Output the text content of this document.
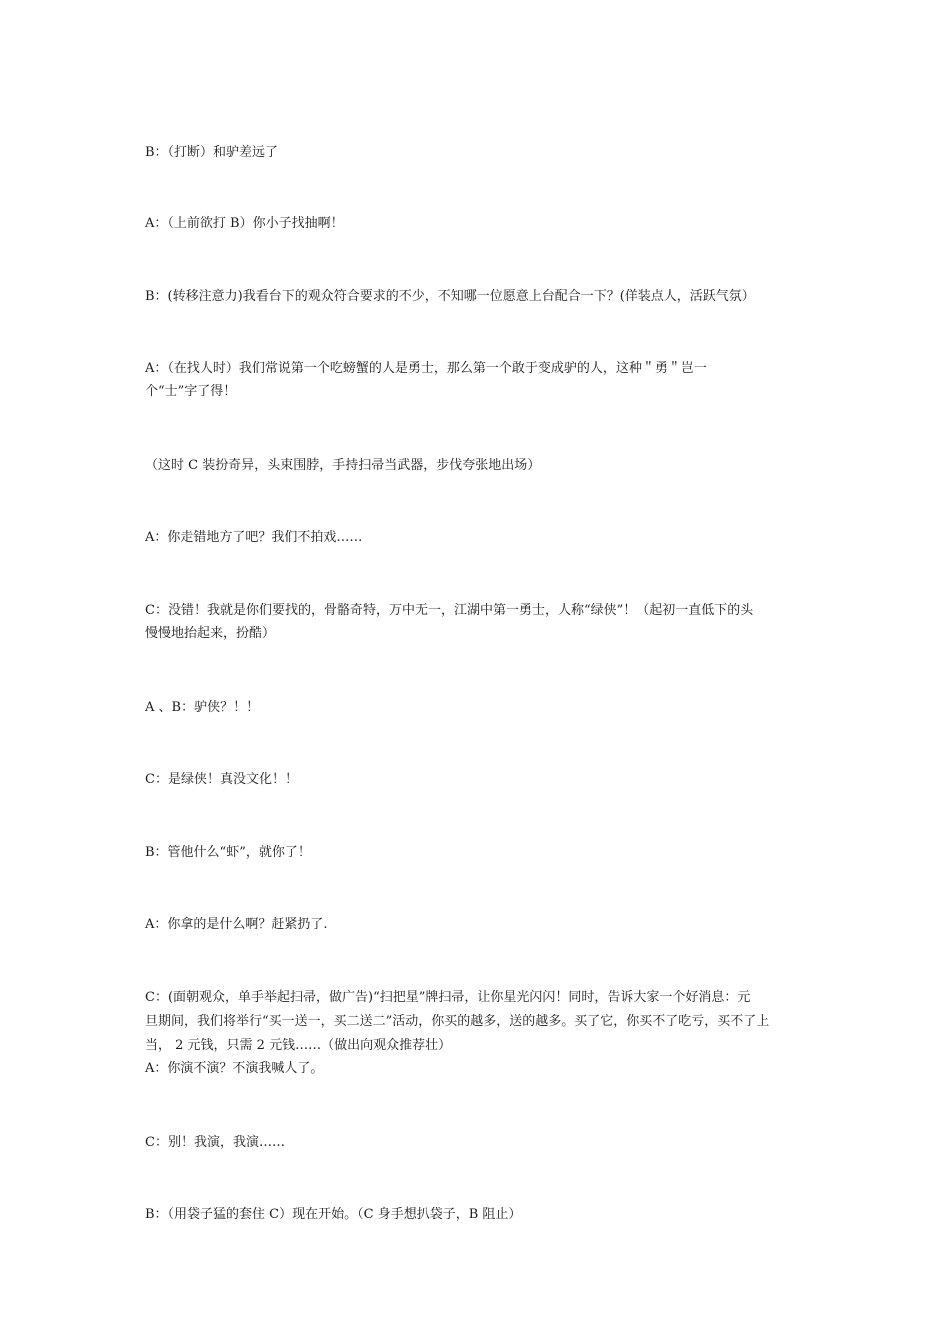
B：（打断）和驴差远了
A：（上前欲打 B）你小子找抽啊！
B：(转移注意力)我看台下的观众符合要求的不少，不知哪一位愿意上台配合一下？(佯装点人，活跃气氛）
A：（在找人时）我们常说第一个吃螃蟹的人是勇士，那么第一个敢于变成驴的人，这种＂勇＂岂一
个“士”字了得！
（这时 C 装扮奇异，头束围脖，手持扫帚当武器，步伐夸张地出场）
A：你走错地方了吧？我们不拍戏……
C：没错！我就是你们要找的，骨骼奇特，万中无一，江湖中第一勇士，人称“绿侠”！（起初一直低下的头
慢慢地抬起来，扮酷）
A 、B：驴侠？！！
C：是绿侠！真没文化！！
B：管他什么“虾”，就你了！
A：你拿的是什么啊？赶紧扔了.
C：(面朝观众，单手举起扫帚，做广告)“扫把星”牌扫帚，让你星光闪闪！同时，告诉大家一个好消息：元
旦期间，我们将举行“买一送一，买二送二”活动，你买的越多，送的越多。买了它，你买不了吃亏，买不了上
当， 2 元钱，只需 2 元钱……（做出向观众推荐壮）
A：你演不演？不演我喊人了。
C：别！我演，我演……
B：（用袋子猛的套住 C）现在开始。（C 身手想扒袋子，B 阻止）
